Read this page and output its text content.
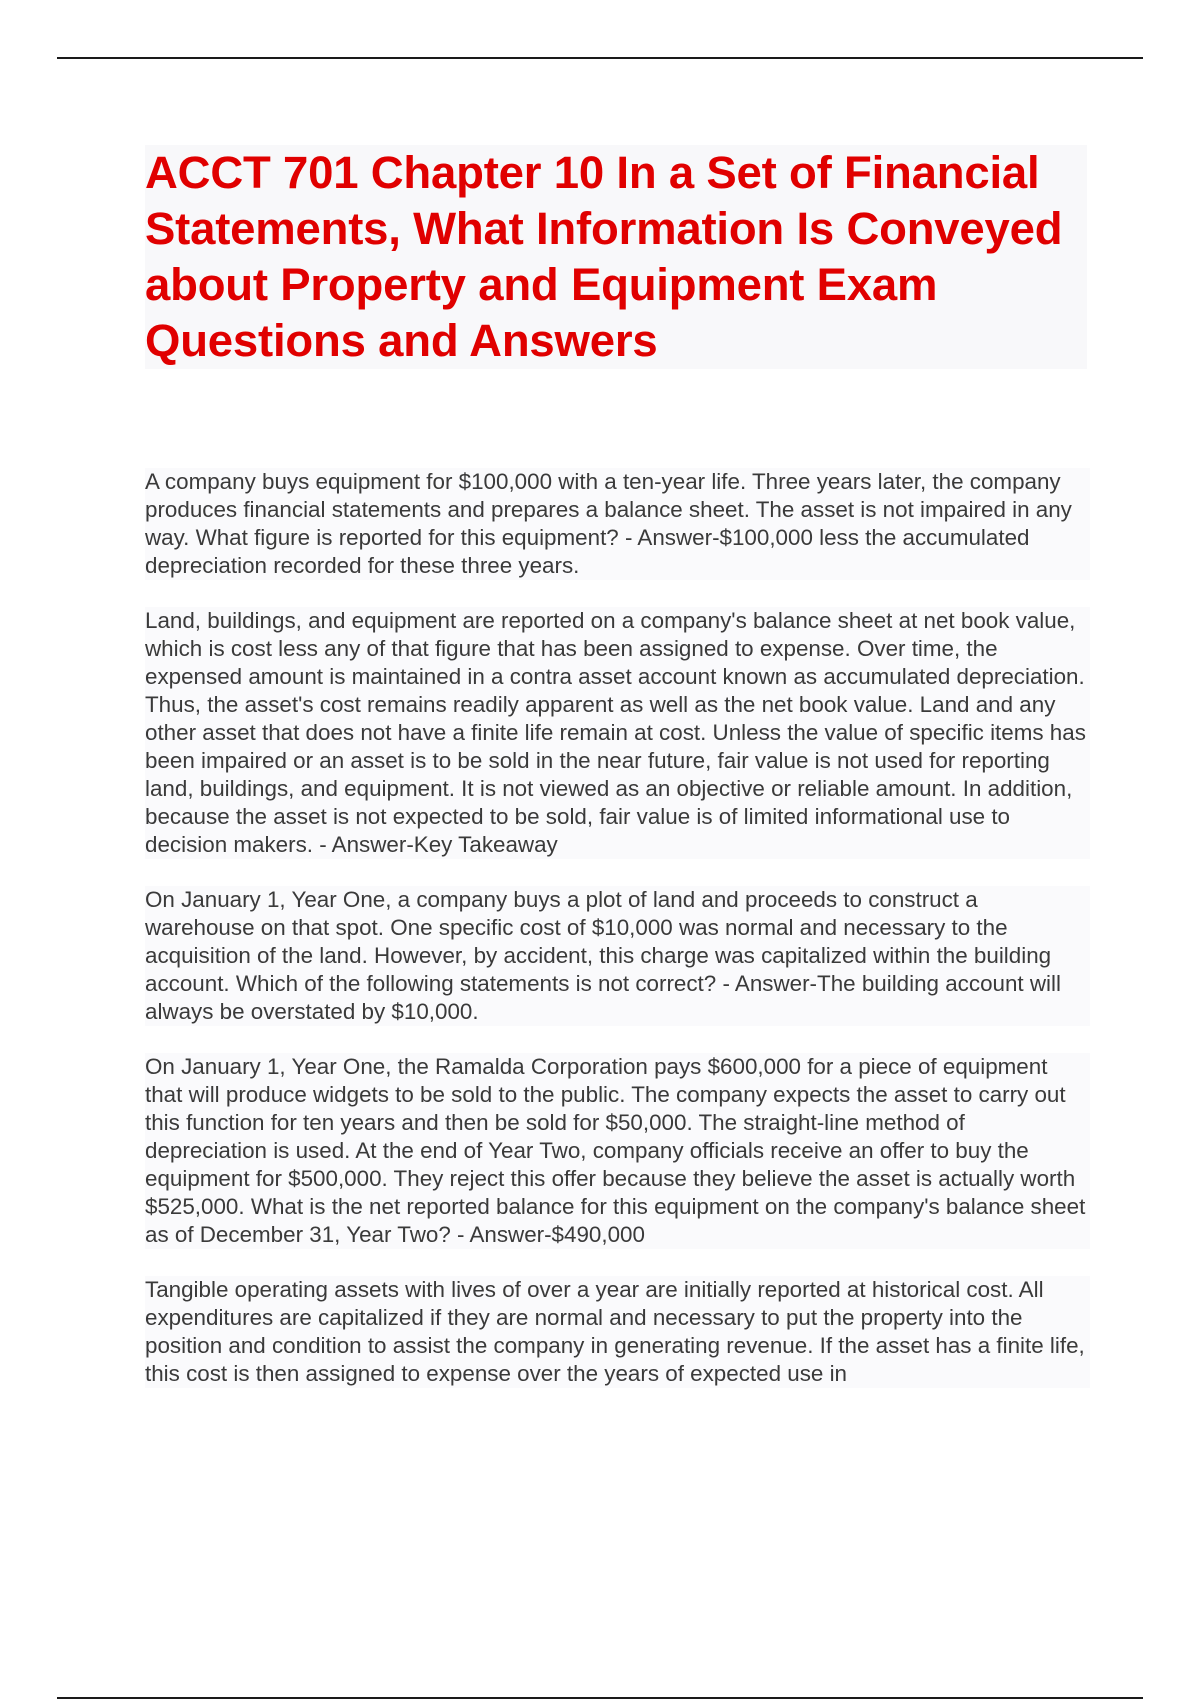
ACCT 701 Chapter 10 In a Set of Financial Statements, What Information Is Conveyed about Property and Equipment Exam Questions and Answers

A company buys equipment for $100,000 with a ten-year life. Three years later, the company produces financial statements and prepares a balance sheet. The asset is not impaired in any way. What figure is reported for this equipment? - Answer-$100,000 less the accumulated depreciation recorded for these three years.

Land, buildings, and equipment are reported on a company's balance sheet at net book value, which is cost less any of that figure that has been assigned to expense. Over time, the expensed amount is maintained in a contra asset account known as accumulated depreciation. Thus, the asset's cost remains readily apparent as well as the net book value. Land and any other asset that does not have a finite life remain at cost. Unless the value of specific items has been impaired or an asset is to be sold in the near future, fair value is not used for reporting land, buildings, and equipment. It is not viewed as an objective or reliable amount. In addition, because the asset is not expected to be sold, fair value is of limited informational use to decision makers. - Answer-Key Takeaway

On January 1, Year One, a company buys a plot of land and proceeds to construct a warehouse on that spot. One specific cost of $10,000 was normal and necessary to the acquisition of the land. However, by accident, this charge was capitalized within the building account. Which of the following statements is not correct? - Answer-The building account will always be overstated by $10,000.

On January 1, Year One, the Ramalda Corporation pays $600,000 for a piece of equipment that will produce widgets to be sold to the public. The company expects the asset to carry out this function for ten years and then be sold for $50,000. The straight-line method of depreciation is used. At the end of Year Two, company officials receive an offer to buy the equipment for $500,000. They reject this offer because they believe the asset is actually worth $525,000. What is the net reported balance for this equipment on the company's balance sheet as of December 31, Year Two? - Answer-$490,000

Tangible operating assets with lives of over a year are initially reported at historical cost. All expenditures are capitalized if they are normal and necessary to put the property into the position and condition to assist the company in generating revenue. If the asset has a finite life, this cost is then assigned to expense over the years of expected use in
